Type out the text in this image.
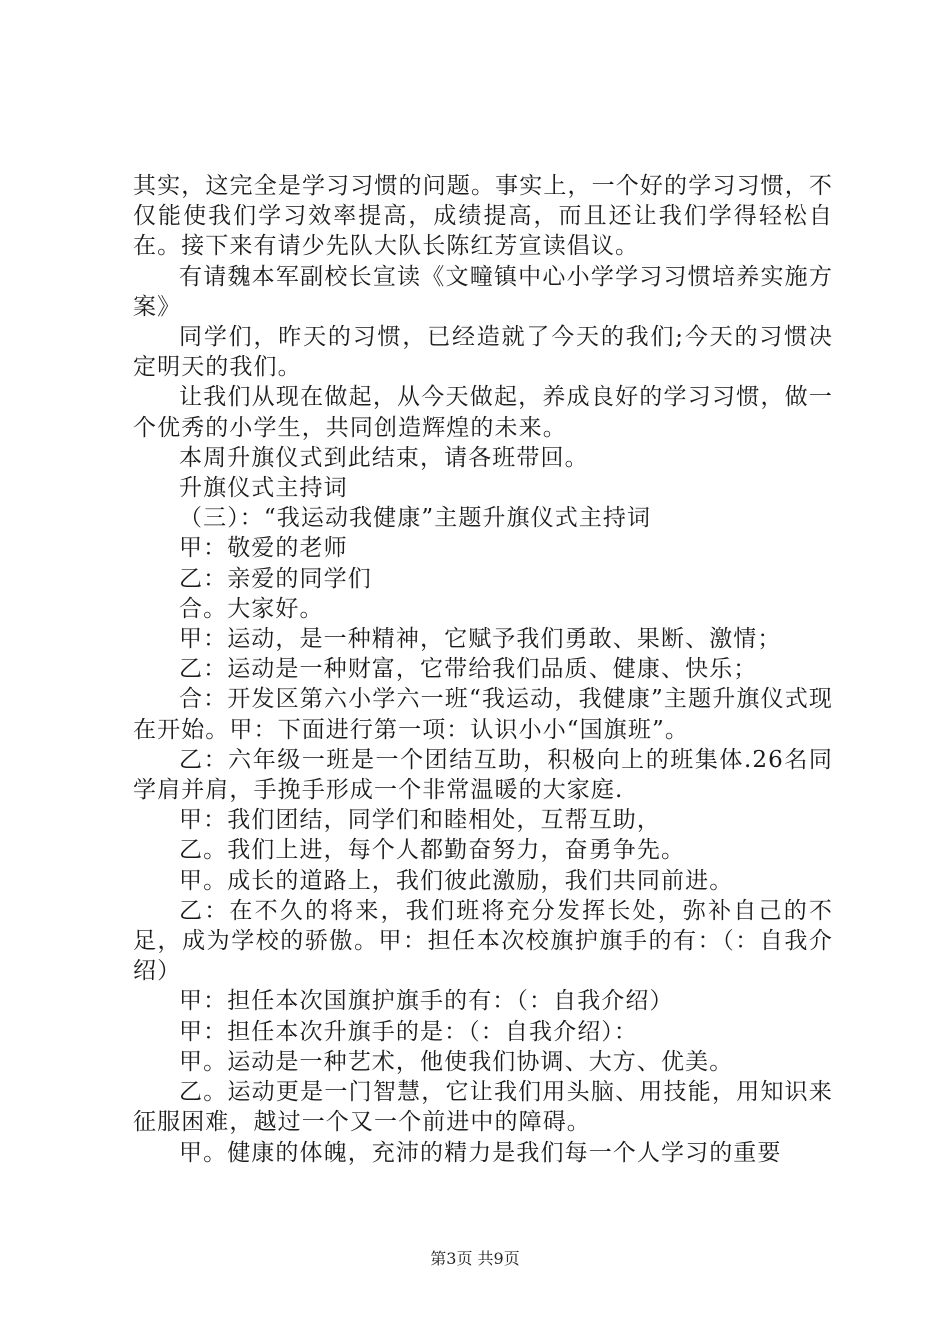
其实，这完全是学习习惯的问题。事实上，一个好的学习习惯，不仅能使我们学习效率提高，成绩提高，而且还让我们学得轻松自在。接下来有请少先队大队长陈红芳宣读倡议。

有请魏本军副校长宣读《文疃镇中心小学学习习惯培养实施方案》

同学们，昨天的习惯，已经造就了今天的我们;今天的习惯决定明天的我们。

让我们从现在做起，从今天做起，养成良好的学习习惯，做一个优秀的小学生，共同创造辉煌的未来。

本周升旗仪式到此结束，请各班带回。

升旗仪式主持词

（三）：“我运动我健康”主题升旗仪式主持词

甲：敬爱的老师

乙：亲爱的同学们

合。大家好。

甲：运动，是一种精神，它赋予我们勇敢、果断、激情；

乙：运动是一种财富，它带给我们品质、健康、快乐；

合：开发区第六小学六一班“我运动，我健康”主题升旗仪式现在开始。甲：下面进行第一项：认识小小“国旗班”。

乙：六年级一班是一个团结互助，积极向上的班集体.26名同学肩并肩，手挽手形成一个非常温暖的大家庭.

甲：我们团结，同学们和睦相处，互帮互助，

乙。我们上进，每个人都勤奋努力，奋勇争先。

甲。成长的道路上，我们彼此激励，我们共同前进。

乙：在不久的将来，我们班将充分发挥长处，弥补自己的不足，成为学校的骄傲。甲：担任本次校旗护旗手的有：（：自我介绍）

甲：担任本次国旗护旗手的有：（：自我介绍）

甲：担任本次升旗手的是：（：自我介绍）：

甲。运动是一种艺术，他使我们协调、大方、优美。

乙。运动更是一门智慧，它让我们用头脑、用技能，用知识来征服困难，越过一个又一个前进中的障碍。

甲。健康的体魄，充沛的精力是我们每一个人学习的重要

第3页 共9页
